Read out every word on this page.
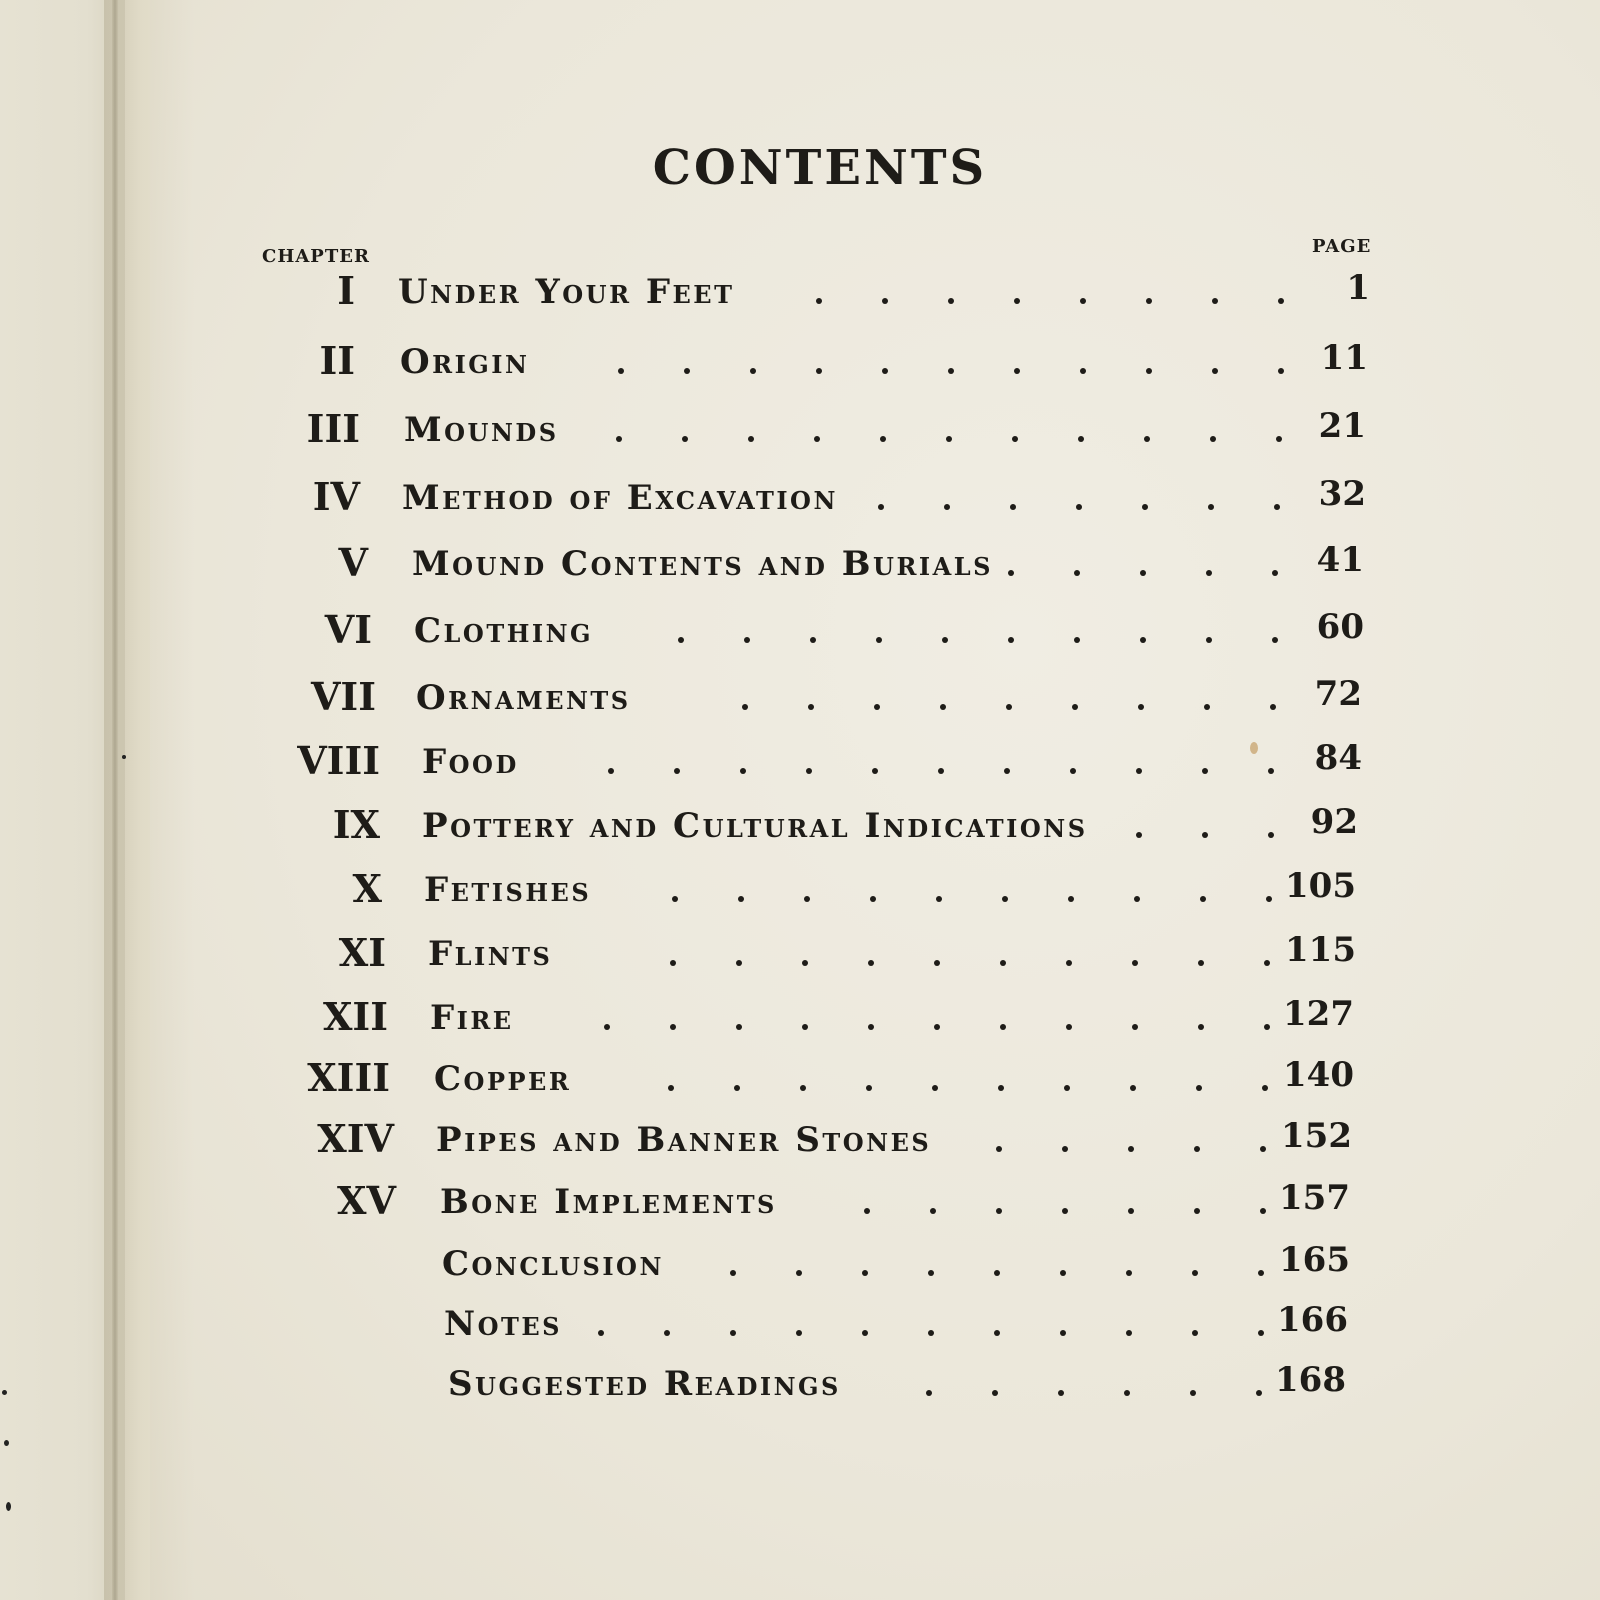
CONTENTS
CHAPTER	PAGE
I Under Your Feet	1
II Origin	11
III Mounds	21
IV Method of Excavation	32
V Mound Contents and Burials	41
VI Clothing	60
VII Ornaments	72
VIII Food	84
IX Pottery and Cultural Indications	92
X Fetishes	105
XI Flints	115
XII Fire	127
XIII Copper	140
XIV Pipes and Banner Stones	152
XV Bone Implements	157
Conclusion	165
Notes	166
Suggested Readings	168
